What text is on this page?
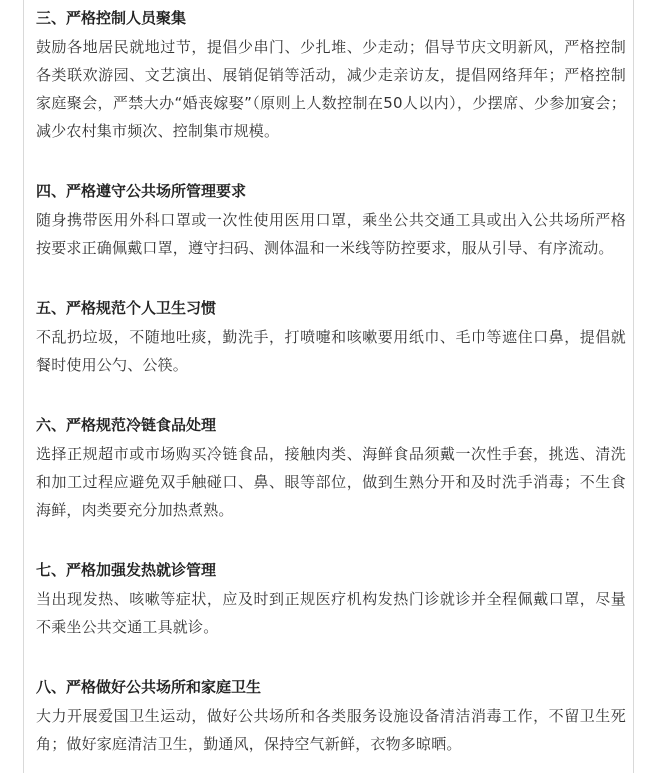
三、严格控制人员聚集

鼓励各地居民就地过节，提倡少串门、少扎堆、少走动；倡导节庆文明新风，严格控制各类联欢游园、文艺演出、展销促销等活动，减少走亲访友，提倡网络拜年；严格控制家庭聚会，严禁大办“婚丧嫁娶”（原则上人数控制在50人以内），少摆席、少参加宴会；减少农村集市频次、控制集市规模。

四、严格遵守公共场所管理要求

随身携带医用外科口罩或一次性使用医用口罩，乘坐公共交通工具或出入公共场所严格按要求正确佩戴口罩，遵守扫码、测体温和一米线等防控要求，服从引导、有序流动。

五、严格规范个人卫生习惯

不乱扔垃圾，不随地吐痰，勤洗手，打喷嚏和咳嗽要用纸巾、毛巾等遮住口鼻，提倡就餐时使用公勺、公筷。

六、严格规范冷链食品处理

选择正规超市或市场购买冷链食品，接触肉类、海鲜食品须戴一次性手套，挑选、清洗和加工过程应避免双手触碰口、鼻、眼等部位，做到生熟分开和及时洗手消毒；不生食海鲜，肉类要充分加热煮熟。

七、严格加强发热就诊管理

当出现发热、咳嗽等症状，应及时到正规医疗机构发热门诊就诊并全程佩戴口罩，尽量不乘坐公共交通工具就诊。

八、严格做好公共场所和家庭卫生

大力开展爱国卫生运动，做好公共场所和各类服务设施设备清洁消毒工作，不留卫生死角；做好家庭清洁卫生，勤通风，保持空气新鲜，衣物多晾晒。
